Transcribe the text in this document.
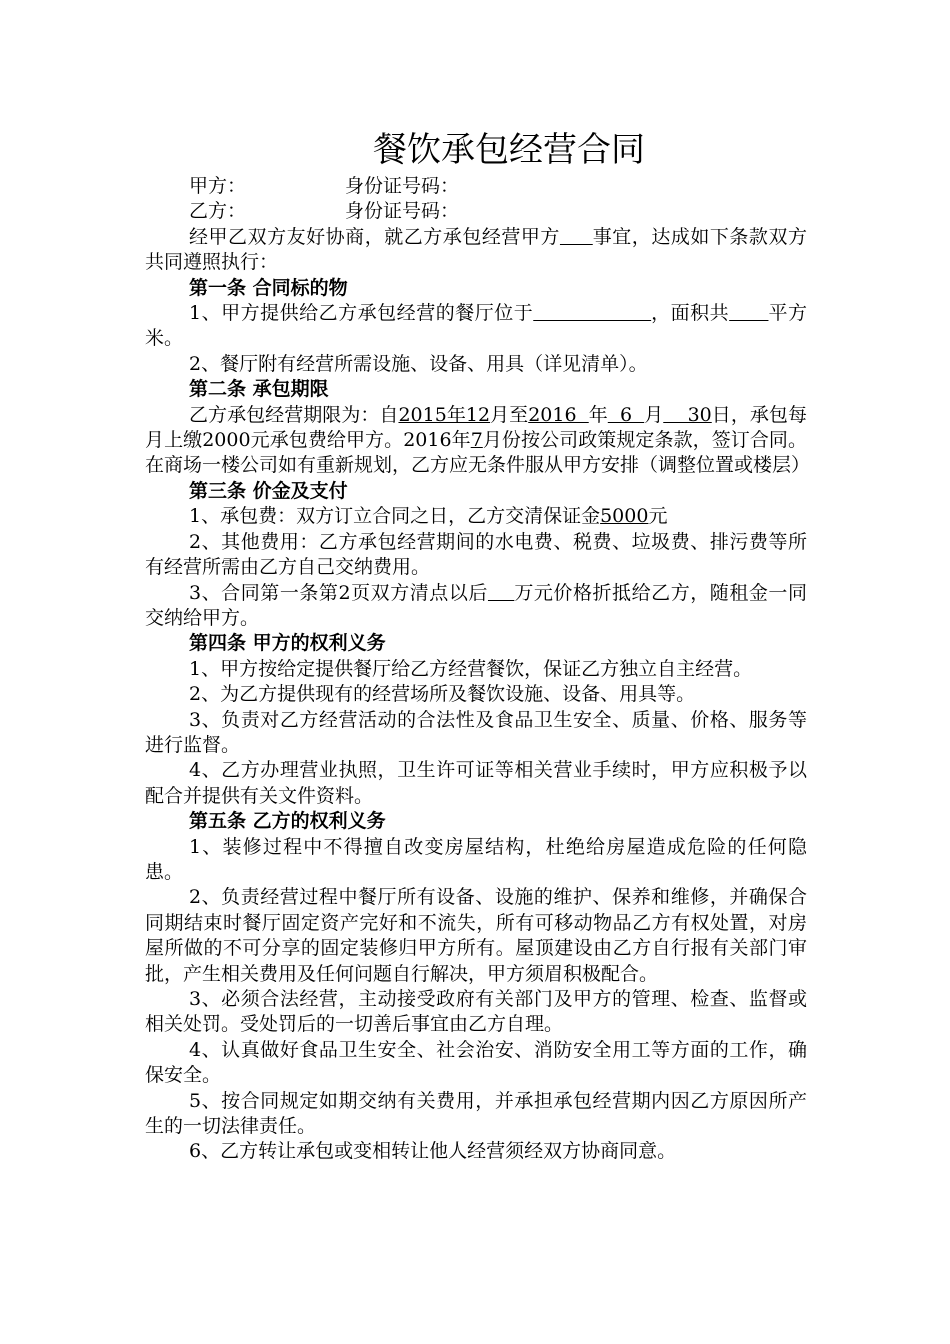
餐饮承包经营合同

甲方：	身份证号码：

乙方：	身份证号码：

经甲乙双方友好协商，就乙方承包经营甲方 事宜，达成如下条款双方共同遵照执行：

第一条 合同标的物

1、甲方提供给乙方承包经营的餐厅位于	，面积共 平方米。

2、餐厅附有经营所需设施、设备、用具（详见清单）。

第二条 承包期限

乙方承包经营期限为：自2015年12月至2016  年  6  月    30日，承包每月上缴2000元承包费给甲方。2016年7月份按公司政策规定条款，签订合同。在商场一楼公司如有重新规划，乙方应无条件服从甲方安排（调整位置或楼层）

第三条 价金及支付

1、承包费：双方订立合同之日，乙方交清保证金5000元

2、其他费用：乙方承包经营期间的水电费、税费、垃圾费、排污费等所有经营所需由乙方自己交纳费用。

3、合同第一条第2页双方清点以后 万元价格折抵给乙方，随租金一同交纳给甲方。

第四条 甲方的权利义务

1、甲方按给定提供餐厅给乙方经营餐饮，保证乙方独立自主经营。

2、为乙方提供现有的经营场所及餐饮设施、设备、用具等。

3、负责对乙方经营活动的合法性及食品卫生安全、质量、价格、服务等进行监督。

4、乙方办理营业执照，卫生许可证等相关营业手续时，甲方应积极予以配合并提供有关文件资料。

第五条 乙方的权利义务

1、装修过程中不得擅自改变房屋结构，杜绝给房屋造成危险的任何隐患。

2、负责经营过程中餐厅所有设备、设施的维护、保养和维修，并确保合同期结束时餐厅固定资产完好和不流失，所有可移动物品乙方有权处置，对房屋所做的不可分享的固定装修归甲方所有。屋顶建设由乙方自行报有关部门审批，产生相关费用及任何问题自行解决，甲方须眉积极配合。

3、必须合法经营，主动接受政府有关部门及甲方的管理、检查、监督或相关处罚。受处罚后的一切善后事宜由乙方自理。

4、认真做好食品卫生安全、社会治安、消防安全用工等方面的工作，确保安全。

5、按合同规定如期交纳有关费用，并承担承包经营期内因乙方原因所产生的一切法律责任。

6、乙方转让承包或变相转让他人经营须经双方协商同意。
